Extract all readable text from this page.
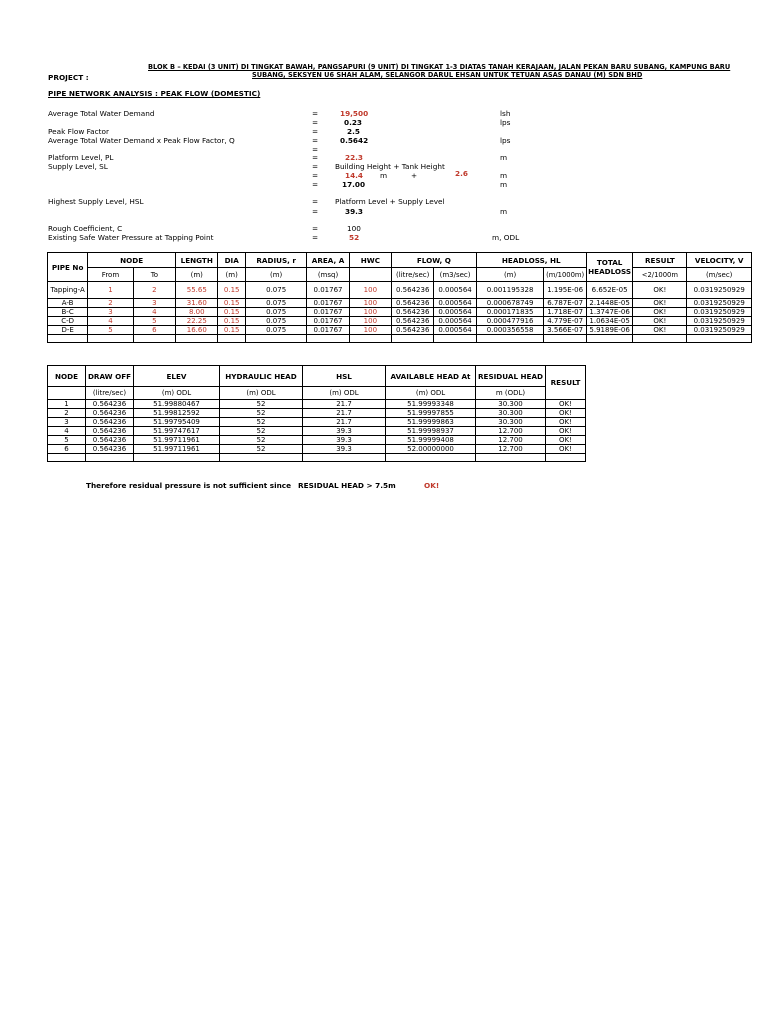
BLOK B – KEDAI (3 UNIT) DI TINGKAT BAWAH, PANGSAPURI (9 UNIT) DI TINGKAT 1-3 DIATAS TANAH KERAJAAN, JALAN PEKAN BARU SUBANG, KAMPUNG BARU
SUBANG, SEKSYEN U6 SHAH ALAM, SELANGOR DARUL EHSAN UNTUK TETUAN ASAS DANAU (M) SDN BHD
PROJECT :
PIPE NETWORK ANALYSIS : PEAK FLOW (DOMESTIC)
Average Total Water Demand	=	19,500	lsh
=	0.23	lps
Peak Flow Factor	=	2.5
Average Total Water Demand x Peak Flow Factor, Q	=	0.5642	lps
=
Platform Level, PL	=	22.3	m
Supply Level, SL	= Building Height + Tank Height
=	14.4 m	+	2.6	m
=	17.00	m
Highest Supply Level, HSL	= Platform Level + Supply Level
=	39.3	m
Rough Coefficient, C	=	100
Existing Safe Water Pressure at Tapping Point	=	52	m, ODL
PIPE No	NODE		LENGTH	DIA	RADIUS, r	AREA, A	HWC	FLOW, Q		HEADLOSS, HL		TOTAL HEADLOSS	RESULT	VELOCITY, V
	From	To	(m)	(m)	(m)	(msq)		(litre/sec)	(m3/sec)	(m)	(m/1000m)		<2/1000m	(m/sec)
Tapping-A	1	2	55.65	0.15	0.075	0.01767	100	0.564236	0.000564	0.001195328	1.195E-06	6.652E-05	OK!	0.0319250929
A-B	2	3	31.60	0.15	0.075	0.01767	100	0.564236	0.000564	0.000678749	6.787E-07	2.1448E-05	OK!	0.0319250929
B-C	3	4	8.00	0.15	0.075	0.01767	100	0.564236	0.000564	0.000171835	1.718E-07	1.3747E-06	OK!	0.0319250929
C-D	4	5	22.25	0.15	0.075	0.01767	100	0.564236	0.000564	0.000477916	4.779E-07	1.0634E-05	OK!	0.0319250929
D-E	5	6	16.60	0.15	0.075	0.01767	100	0.564236	0.000564	0.000356558	3.566E-07	5.9189E-06	OK!	0.0319250929

NODE	DRAW OFF	ELEV	HYDRAULIC HEAD	HSL	AVAILABLE HEAD At	RESIDUAL HEAD	RESULT
	(litre/sec)	(m) ODL	(m) ODL	(m) ODL	(m) ODL	m (ODL)	
1	0.564236	51.99880467	52	21.7	51.99993348	30.300	OK!
2	0.564236	51.99812592	52	21.7	51.99997855	30.300	OK!
3	0.564236	51.99795409	52	21.7	51.99999863	30.300	OK!
4	0.564236	51.99747617	52	39.3	51.99998937	12.700	OK!
5	0.564236	51.99711961	52	39.3	51.99999408	12.700	OK!
6	0.564236	51.99711961	52	39.3	52.00000000	12.700	OK!

Therefore residual pressure is not sufficient since RESIDUAL HEAD > 7.5m	OK!
